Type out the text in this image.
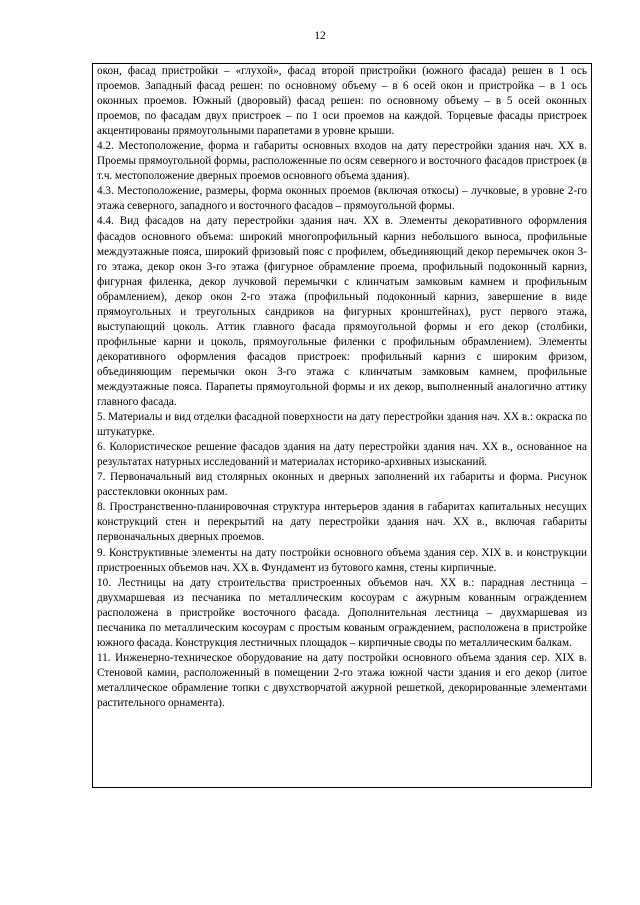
12

окон, фасад пристройки – «глухой», фасад второй пристройки (южного фасада) решен в 1 ось проемов. Западный фасад решен: по основному объему – в 6 осей окон и пристройка – в 1 ось оконных проемов. Южный (дворовый) фасад решен: по основному объему – в 5 осей оконных проемов, по фасадам двух пристроек – по 1 оси проемов на каждой. Торцевые фасады пристроек акцентированы прямоугольными парапетами в уровне крыши.

4.2. Местоположение, форма и габариты основных входов на дату перестройки здания нач. ХХ в. Проемы прямоугольной формы, расположенные по осям северного и восточного фасадов пристроек (в т.ч. местоположение дверных проемов основного объема здания).

4.3. Местоположение, размеры, форма оконных проемов (включая откосы) – лучковые, в уровне 2-го этажа северного, западного и восточного фасадов – прямоугольной формы.

4.4. Вид фасадов на дату перестройки здания нач. ХХ в. Элементы декоративного оформления фасадов основного объема: широкий многопрофильный карниз небольшого выноса, профильные междуэтажные пояса, широкий фризовый пояс с профилем, объединяющий декор перемычек окон 3-го этажа, декор окон 3-го этажа (фигурное обрамление проема, профильный подоконный карниз, фигурная филенка, декор лучковой перемычки с клинчатым замковым камнем и профильным обрамлением), декор окон 2-го этажа (профильный подоконный карниз, завершение в виде прямоугольных и треугольных сандриков на фигурных кронштейнах), руст первого этажа, выступающий цоколь. Аттик главного фасада прямоугольной формы и его декор (столбики, профильные карни и цоколь, прямоугольные филенки с профильным обрамлением). Элементы декоративного оформления фасадов пристроек: профильный карниз с широким фризом, объединяющим перемычки окон 3-го этажа с клинчатым замковым камнем, профильные междуэтажные пояса. Парапеты прямоугольной формы и их декор, выполненный аналогично аттику главного фасада.

5. Материалы и вид отделки фасадной поверхности на дату перестройки здания нач. ХХ в.: окраска по штукатурке.

6. Колористическое решение фасадов здания на дату перестройки здания нач. ХХ в., основанное на результатах натурных исследований и материалах историко-архивных изысканий.

7. Первоначальный вид столярных оконных и дверных заполнений их габариты и форма. Рисунок расстекловки оконных рам.

8. Пространственно-планировочная структура интерьеров здания в габаритах капитальных несущих конструкций стен и перекрытий на дату перестройки здания нач. ХХ в., включая габариты первоначальных дверных проемов.

9. Конструктивные элементы на дату постройки основного объема здания сер. XIX в. и конструкции пристроенных объемов нач. ХХ в. Фундамент из бутового камня, стены кирпичные.

10. Лестницы на дату строительства пристроенных объемов нач. ХХ в.: парадная лестница – двухмаршевая из песчаника по металлическим косоурам с ажурным кованным ограждением расположена в пристройке восточного фасада. Дополнительная лестница – двухмаршевая из песчаника по металлическим косоурам с простым кованым ограждением, расположена в пристройке южного фасада. Конструкция лестничных площадок – кирпичные своды по металлическим балкам.

11. Инженерно-техническое оборудование на дату постройки основного объема здания сер. XIX в. Стеновой камин, расположенный в помещении 2-го этажа южной части здания и его декор (литое металлическое обрамление топки с двухстворчатой ажурной решеткой, декорированные элементами растительного орнамента).
